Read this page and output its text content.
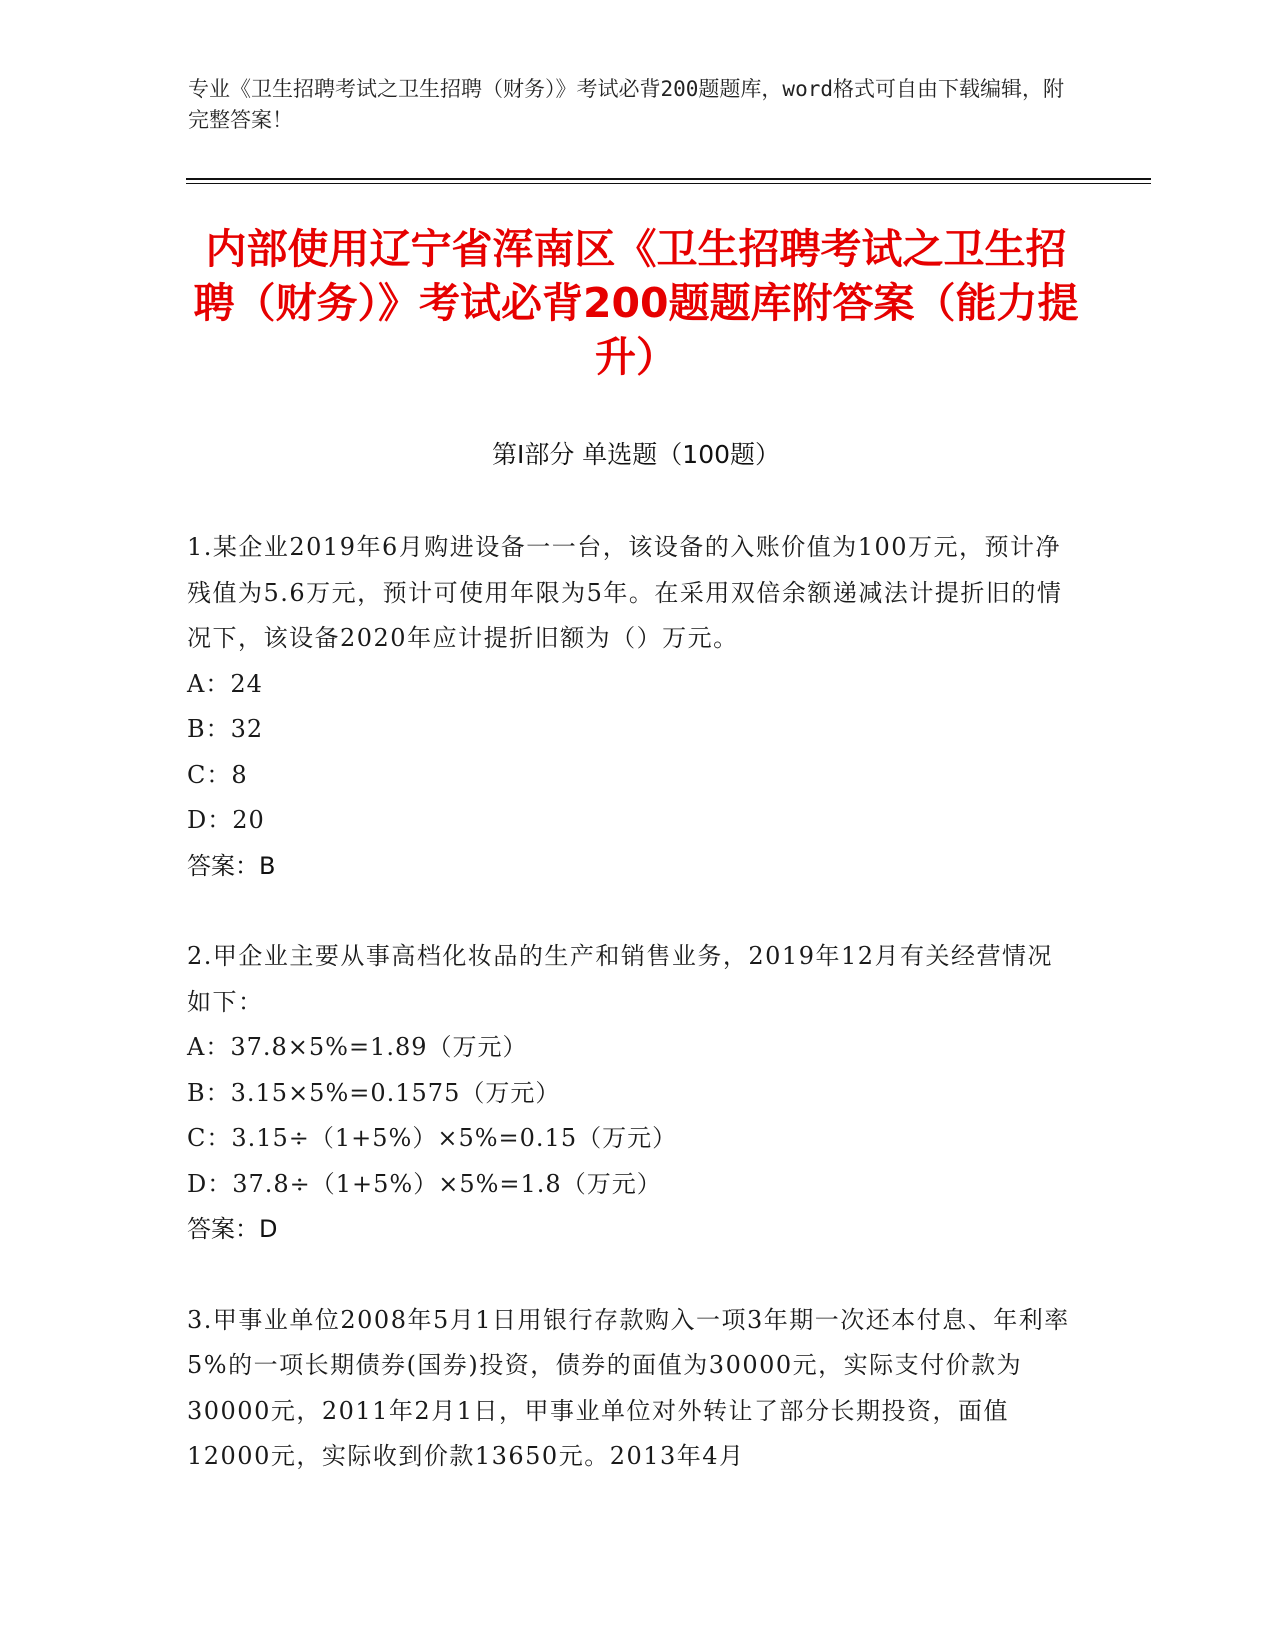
专业《卫生招聘考试之卫生招聘（财务）》考试必背200题题库，word格式可自由下载编辑，附完整答案！
内部使用辽宁省浑南区《卫生招聘考试之卫生招聘（财务）》考试必背200题题库附答案（能力提升）
第Ⅰ部分 单选题（100题）
1.某企业2019年6月购进设备一一台，该设备的入账价值为100万元，预计净残值为5.6万元，预计可使用年限为5年。在采用双倍余额递减法计提折旧的情况下，该设备2020年应计提折旧额为（）万元。
A：24
B：32
C：8
D：20
答案：B
2.甲企业主要从事高档化妆品的生产和销售业务，2019年12月有关经营情况如下：
A：37.8×5%=1.89（万元）
B：3.15×5%=0.1575（万元）
C：3.15÷（1+5%）×5%=0.15（万元）
D：37.8÷（1+5%）×5%=1.8（万元）
答案：D
3.甲事业单位2008年5月1日用银行存款购入一项3年期一次还本付息、年利率5%的一项长期债券(国券)投资，债券的面值为30000元，实际支付价款为30000元，2011年2月1日，甲事业单位对外转让了部分长期投资，面值12000元，实际收到价款13650元。2013年4月
